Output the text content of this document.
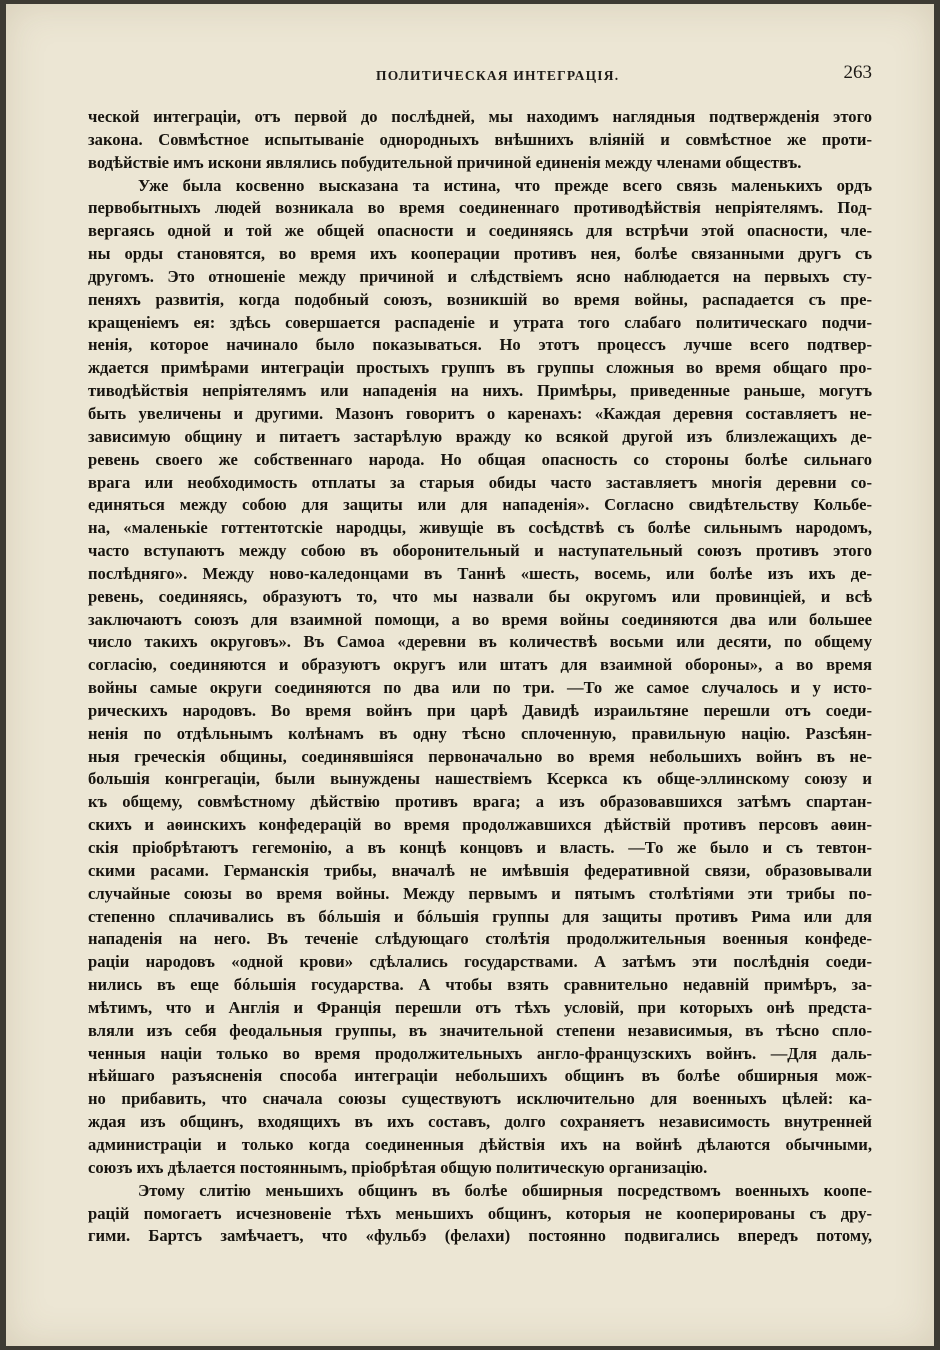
ПОЛИТИЧЕСКАЯ ИНТЕГРАЦІЯ.	263
ческой интеграціи, отъ первой до послѣдней, мы находимъ наглядныя подтвержденія этого
закона. Совмѣстное испытываніе однородныхъ внѣшнихъ вліяній и совмѣстное же проти-
водѣйствіе имъ искони являлись побудительной причиной единенія между членами обществъ.
Уже была косвенно высказана та истина, что прежде всего связь маленькихъ ордъ
первобытныхъ людей возникала во время соединеннаго противодѣйствія непріятелямъ. Под-
вергаясь одной и той же общей опасности и соединяясь для встрѣчи этой опасности, чле-
ны орды становятся, во время ихъ кооперации противъ нея, болѣе связанными другъ съ
другомъ. Это отношеніе между причиной и слѣдствіемъ ясно наблюдается на первыхъ сту-
пеняхъ развитія, когда подобный союзъ, возникшій во время войны, распадается съ пре-
кращеніемъ ея: здѣсь совершается распаденіе и утрата того слабаго политическаго подчи-
ненія, которое начинало было показываться. Но этотъ процессъ лучше всего подтвер-
ждается примѣрами интеграціи простыхъ группъ въ группы сложныя во время общаго про-
тиводѣйствія непріятелямъ или нападенія на нихъ. Примѣры, приведенные раньше, могутъ
быть увеличены и другими. Мазонъ говоритъ о каренахъ: «Каждая деревня составляетъ не-
зависимую общину и питаетъ застарѣлую вражду ко всякой другой изъ близлежащихъ де-
ревень своего же собственнаго народа. Но общая опасность со стороны болѣе сильнаго
врага или необходимость отплаты за старыя обиды часто заставляетъ многія деревни со-
единяться между собою для защиты или для нападенія». Согласно свидѣтельству Кольбе-
на, «маленькіе готтентотскіе народцы, живущіе въ сосѣдствѣ съ болѣе сильнымъ народомъ,
часто вступаютъ между собою въ оборонительный и наступательный союзъ противъ этого
послѣдняго». Между ново-каледонцами въ Таннѣ «шесть, восемь, или болѣе изъ ихъ де-
ревень, соединяясь, образуютъ то, что мы назвали бы округомъ или провинціей, и всѣ
заключаютъ союзъ для взаимной помощи, а во время войны соединяются два или большее
число такихъ округовъ». Въ Самоа «деревни въ количествѣ восьми или десяти, по общему
согласію, соединяются и образуютъ округъ или штатъ для взаимной обороны», а во время
войны самые округи соединяются по два или по три. —То же самое случалось и у исто-
рическихъ народовъ. Во время войнъ при царѣ Давидѣ израильтяне перешли отъ соеди-
ненія по отдѣльнымъ колѣнамъ въ одну тѣсно сплоченную, правильную націю. Разсѣян-
ныя греческія общины, соединявшіяся первоначально во время небольшихъ войнъ въ не-
большія конгрегаціи, были вынуждены нашествіемъ Ксеркса къ обще-эллинскому союзу и
къ общему, совмѣстному дѣйствію противъ врага; а изъ образовавшихся затѣмъ спартан-
скихъ и аѳинскихъ конфедерацій во время продолжавшихся дѣйствій противъ персовъ аѳин-
скія пріобрѣтаютъ гегемонію, а въ концѣ концовъ и власть. —То же было и съ тевтон-
скими расами. Германскія трибы, вначалѣ не имѣвшія федеративной связи, образовывали
случайные союзы во время войны. Между первымъ и пятымъ столѣтіями эти трибы по-
степенно сплачивались въ бóльшія и бóльшія группы для защиты противъ Рима или для
нападенія на него. Въ теченіе слѣдующаго столѣтія продолжительныя военныя конфеде-
раціи народовъ «одной крови» сдѣлались государствами. А затѣмъ эти послѣднія соеди-
нились въ еще бóльшія государства. А чтобы взять сравнительно недавній примѣръ, за-
мѣтимъ, что и Англія и Франція перешли отъ тѣхъ условій, при которыхъ онѣ предста-
вляли изъ себя феодальныя группы, въ значительной степени независимыя, въ тѣсно спло-
ченныя націи только во время продолжительныхъ англо-французскихъ войнъ. —Для даль-
нѣйшаго разъясненія способа интеграціи небольшихъ общинъ въ болѣе обширныя мож-
но прибавить, что сначала союзы существуютъ исключительно для военныхъ цѣлей: ка-
ждая изъ общинъ, входящихъ въ ихъ составъ, долго сохраняетъ независимость внутренней
администраціи и только когда соединенныя дѣйствія ихъ на войнѣ дѣлаются обычными,
союзъ ихъ дѣлается постояннымъ, пріобрѣтая общую политическую организацію.
Этому слитію меньшихъ общинъ въ болѣе обширныя посредствомъ военныхъ коопе-
рацій помогаетъ исчезновеніе тѣхъ меньшихъ общинъ, которыя не кооперированы съ дру-
гими. Бартсъ замѣчаетъ, что «фульбэ (фелахи) постоянно подвигались впередъ потому,
